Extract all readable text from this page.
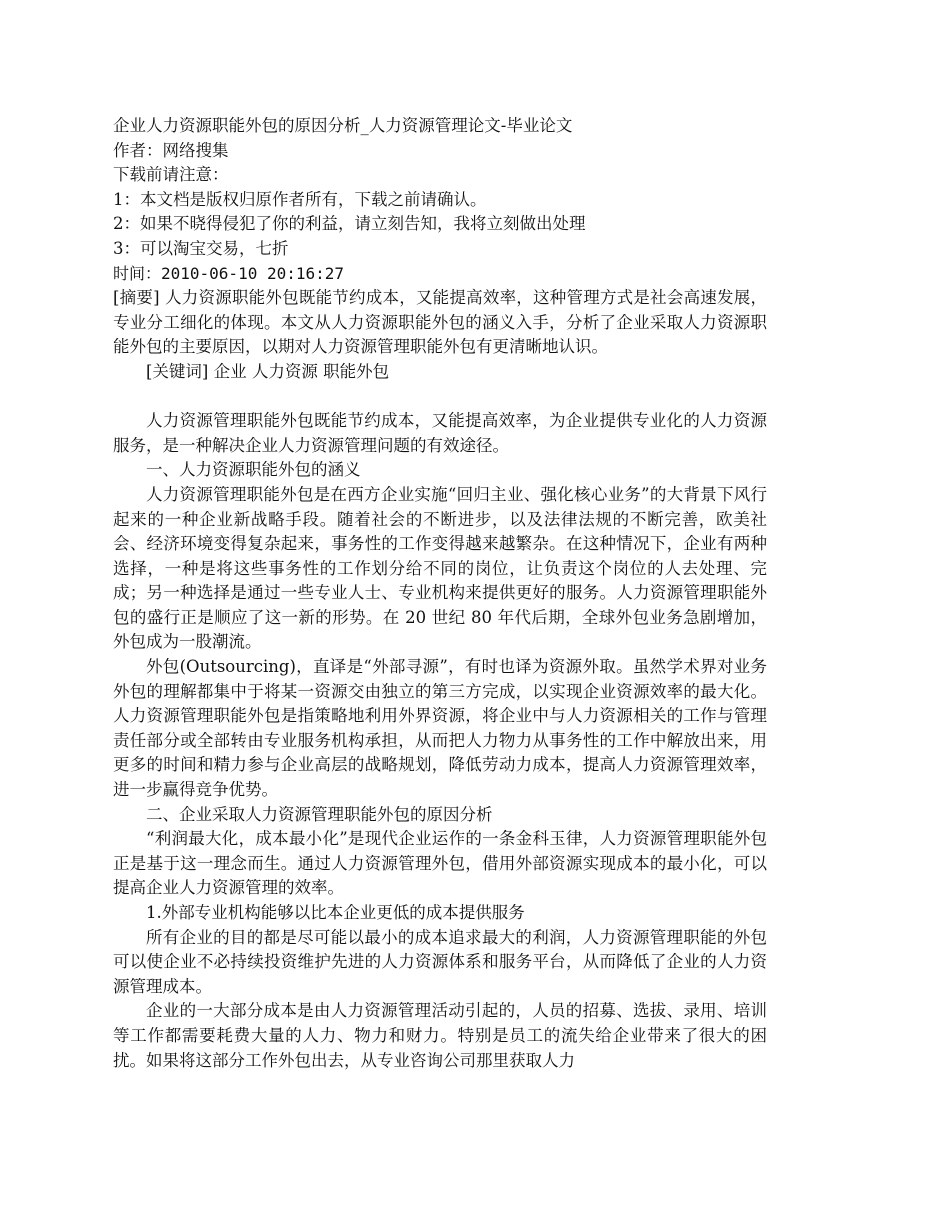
企业人力资源职能外包的原因分析_人力资源管理论文-毕业论文

作者：网络搜集

下载前请注意：

1：本文档是版权归原作者所有，下载之前请确认。

2：如果不晓得侵犯了你的利益，请立刻告知，我将立刻做出处理

3：可以淘宝交易，七折

时间：2010-06-10 20:16:27

[摘要] 人力资源职能外包既能节约成本，又能提高效率，这种管理方式是社会高速发展，专业分工细化的体现。本文从人力资源职能外包的涵义入手，分析了企业采取人力资源职能外包的主要原因，以期对人力资源管理职能外包有更清晰地认识。

[关键词] 企业 人力资源 职能外包

人力资源管理职能外包既能节约成本，又能提高效率，为企业提供专业化的人力资源服务，是一种解决企业人力资源管理问题的有效途径。

一、人力资源职能外包的涵义

人力资源管理职能外包是在西方企业实施“回归主业、强化核心业务”的大背景下风行起来的一种企业新战略手段。随着社会的不断进步，以及法律法规的不断完善，欧美社会、经济环境变得复杂起来，事务性的工作变得越来越繁杂。在这种情况下，企业有两种选择，一种是将这些事务性的工作划分给不同的岗位，让负责这个岗位的人去处理、完成；另一种选择是通过一些专业人士、专业机构来提供更好的服务。人力资源管理职能外包的盛行正是顺应了这一新的形势。在 20 世纪 80 年代后期，全球外包业务急剧增加，外包成为一股潮流。

外包(Outsourcing)，直译是“外部寻源”，有时也译为资源外取。虽然学术界对业务外包的理解都集中于将某一资源交由独立的第三方完成，以实现企业资源效率的最大化。人力资源管理职能外包是指策略地利用外界资源，将企业中与人力资源相关的工作与管理责任部分或全部转由专业服务机构承担，从而把人力物力从事务性的工作中解放出来，用更多的时间和精力参与企业高层的战略规划，降低劳动力成本，提高人力资源管理效率，进一步赢得竞争优势。

二、企业采取人力资源管理职能外包的原因分析

“利润最大化，成本最小化”是现代企业运作的一条金科玉律，人力资源管理职能外包正是基于这一理念而生。通过人力资源管理外包，借用外部资源实现成本的最小化，可以提高企业人力资源管理的效率。

1.外部专业机构能够以比本企业更低的成本提供服务

所有企业的目的都是尽可能以最小的成本追求最大的利润，人力资源管理职能的外包可以使企业不必持续投资维护先进的人力资源体系和服务平台，从而降低了企业的人力资源管理成本。

企业的一大部分成本是由人力资源管理活动引起的，人员的招募、选拔、录用、培训等工作都需要耗费大量的人力、物力和财力。特别是员工的流失给企业带来了很大的困扰。如果将这部分工作外包出去，从专业咨询公司那里获取人力
